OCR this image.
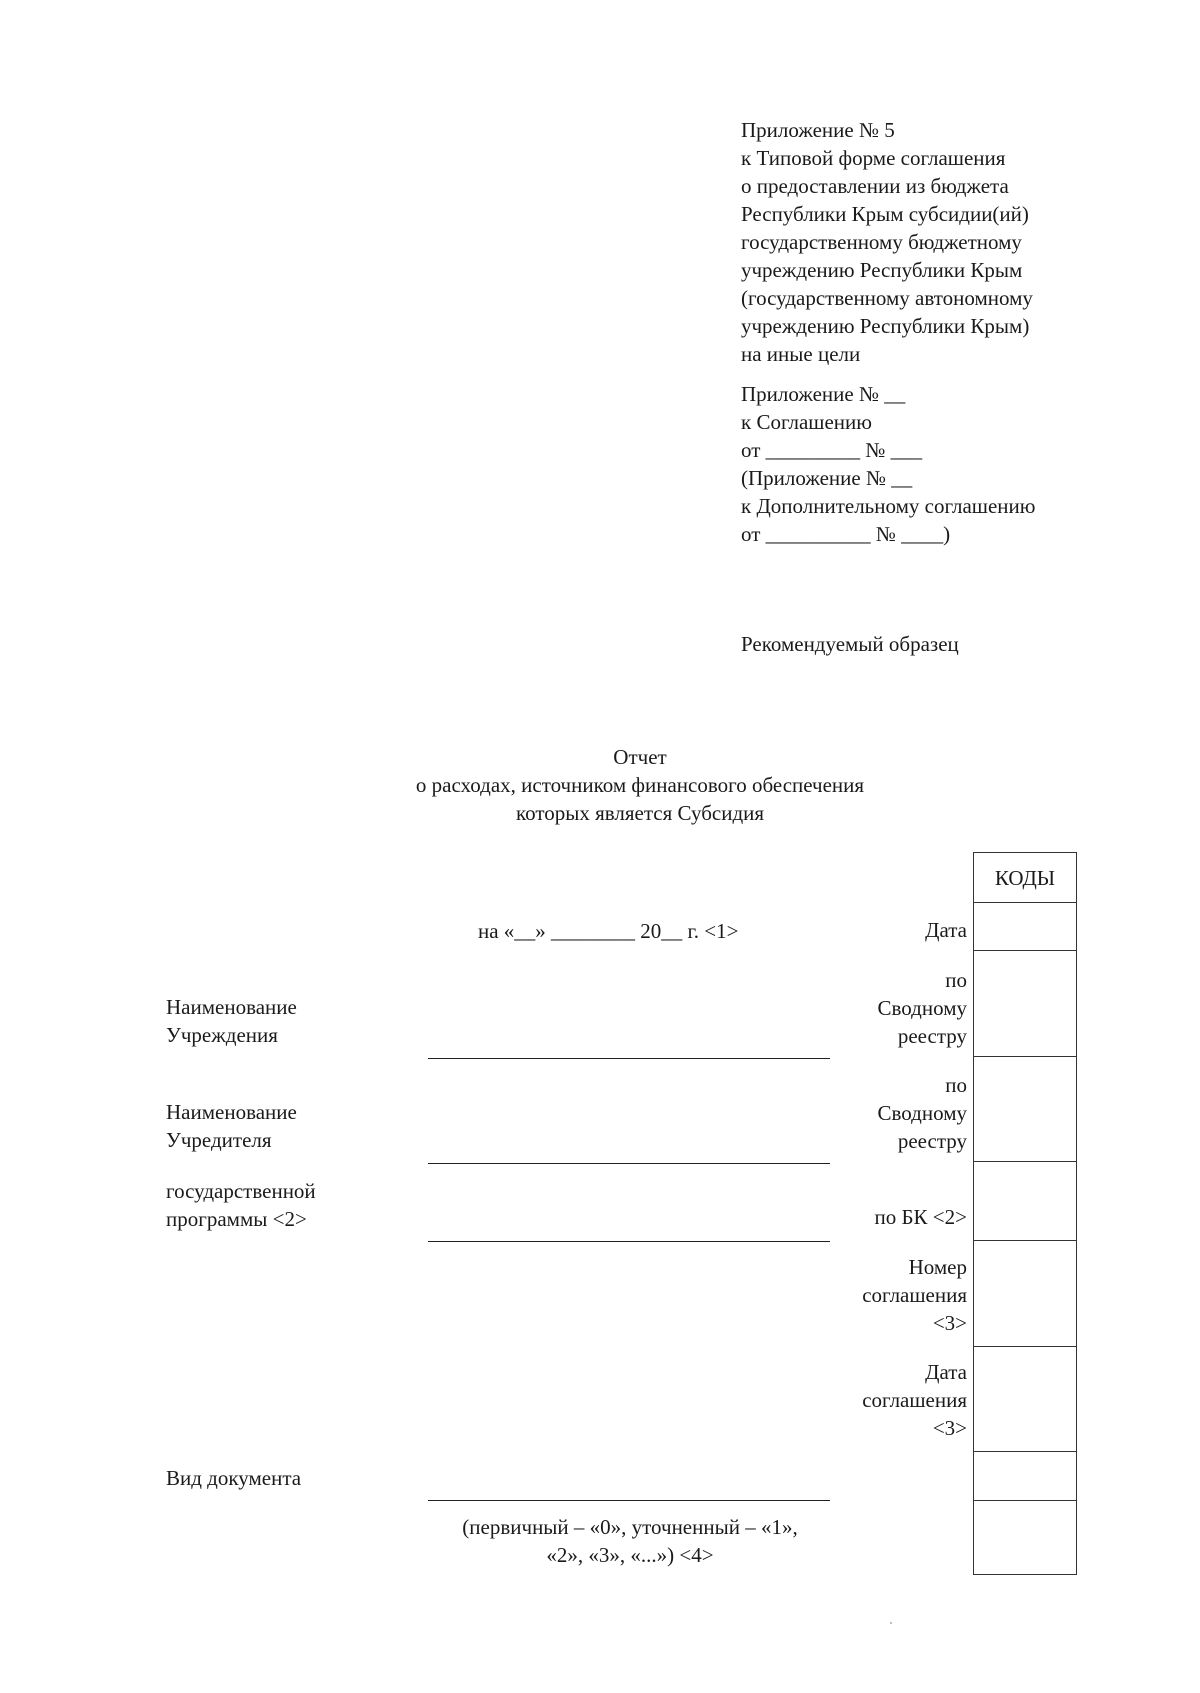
Приложение № 5
к Типовой форме соглашения
о предоставлении из бюджета
Республики Крым субсидии(ий)
государственному бюджетному
учреждению Республики Крым
(государственному автономному
учреждению Республики Крым)
на иные цели
Приложение № __
к Соглашению
от _________ № ___
(Приложение № __
к Дополнительному соглашению
от __________ № ____)
Рекомендуемый образец
Отчет
о расходах, источником финансового обеспечения
которых является Субсидия
на «__» ________ 20__ г. <1>
Наименование
Учреждения
Наименование
Учредителя
государственной
программы <2>
Вид документа
(первичный – «0», уточненный – «1»,
«2», «3», «...») <4>
Дата
по
Сводному
реестру
по
Сводному
реестру
по БК <2>
Номер
соглашения
<3>
Дата
соглашения
<3>
КОДЫ
